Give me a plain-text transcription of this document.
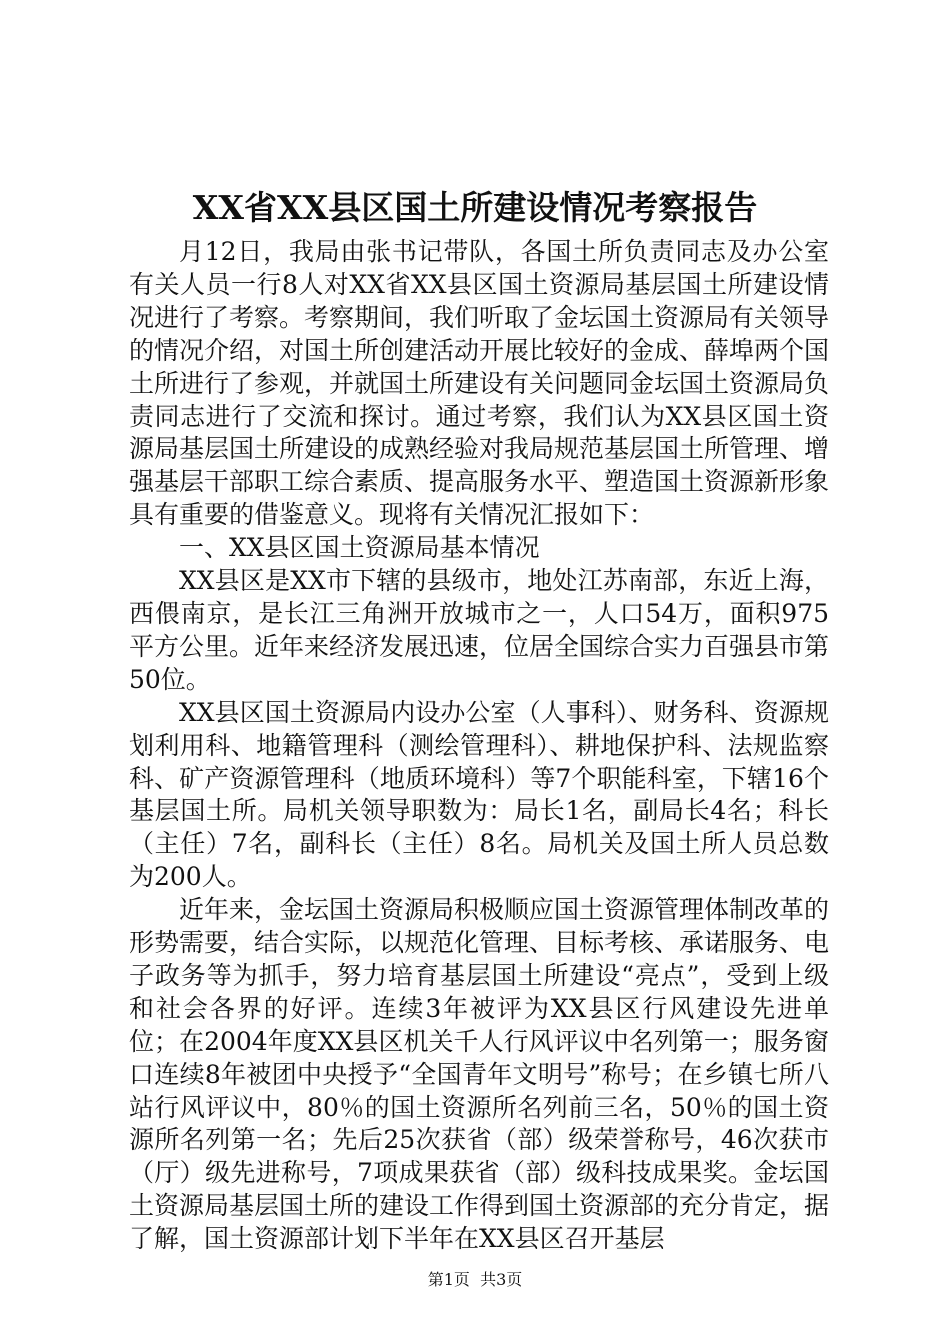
XX省XX县区国土所建设情况考察报告

月12日，我局由张书记带队，各国土所负责同志及办公室有关人员一行8人对XX省XX县区国土资源局基层国土所建设情况进行了考察。考察期间，我们听取了金坛国土资源局有关领导的情况介绍，对国土所创建活动开展比较好的金成、薛埠两个国土所进行了参观，并就国土所建设有关问题同金坛国土资源局负责同志进行了交流和探讨。通过考察，我们认为XX县区国土资源局基层国土所建设的成熟经验对我局规范基层国土所管理、增强基层干部职工综合素质、提高服务水平、塑造国土资源新形象具有重要的借鉴意义。现将有关情况汇报如下：

一、XX县区国土资源局基本情况

XX县区是XX市下辖的县级市，地处江苏南部，东近上海，西偎南京，是长江三角洲开放城市之一，人口54万，面积975平方公里。近年来经济发展迅速，位居全国综合实力百强县市第50位。

XX县区国土资源局内设办公室（人事科）、财务科、资源规划利用科、地籍管理科（测绘管理科）、耕地保护科、法规监察科、矿产资源管理科（地质环境科）等7个职能科室，下辖16个基层国土所。局机关领导职数为：局长1名，副局长4名；科长（主任）7名，副科长（主任）8名。局机关及国土所人员总数为200人。

近年来，金坛国土资源局积极顺应国土资源管理体制改革的形势需要，结合实际，以规范化管理、目标考核、承诺服务、电子政务等为抓手，努力培育基层国土所建设“亮点”，受到上级和社会各界的好评。连续3年被评为XX县区行风建设先进单位；在2004年度XX县区机关千人行风评议中名列第一；服务窗口连续8年被团中央授予“全国青年文明号”称号；在乡镇七所八站行风评议中，80％的国土资源所名列前三名，50％的国土资源所名列第一名；先后25次获省（部）级荣誉称号，46次获市（厅）级先进称号，7项成果获省（部）级科技成果奖。金坛国土资源局基层国土所的建设工作得到国土资源部的充分肯定，据了解，国土资源部计划下半年在XX县区召开基层

第1页 共3页
